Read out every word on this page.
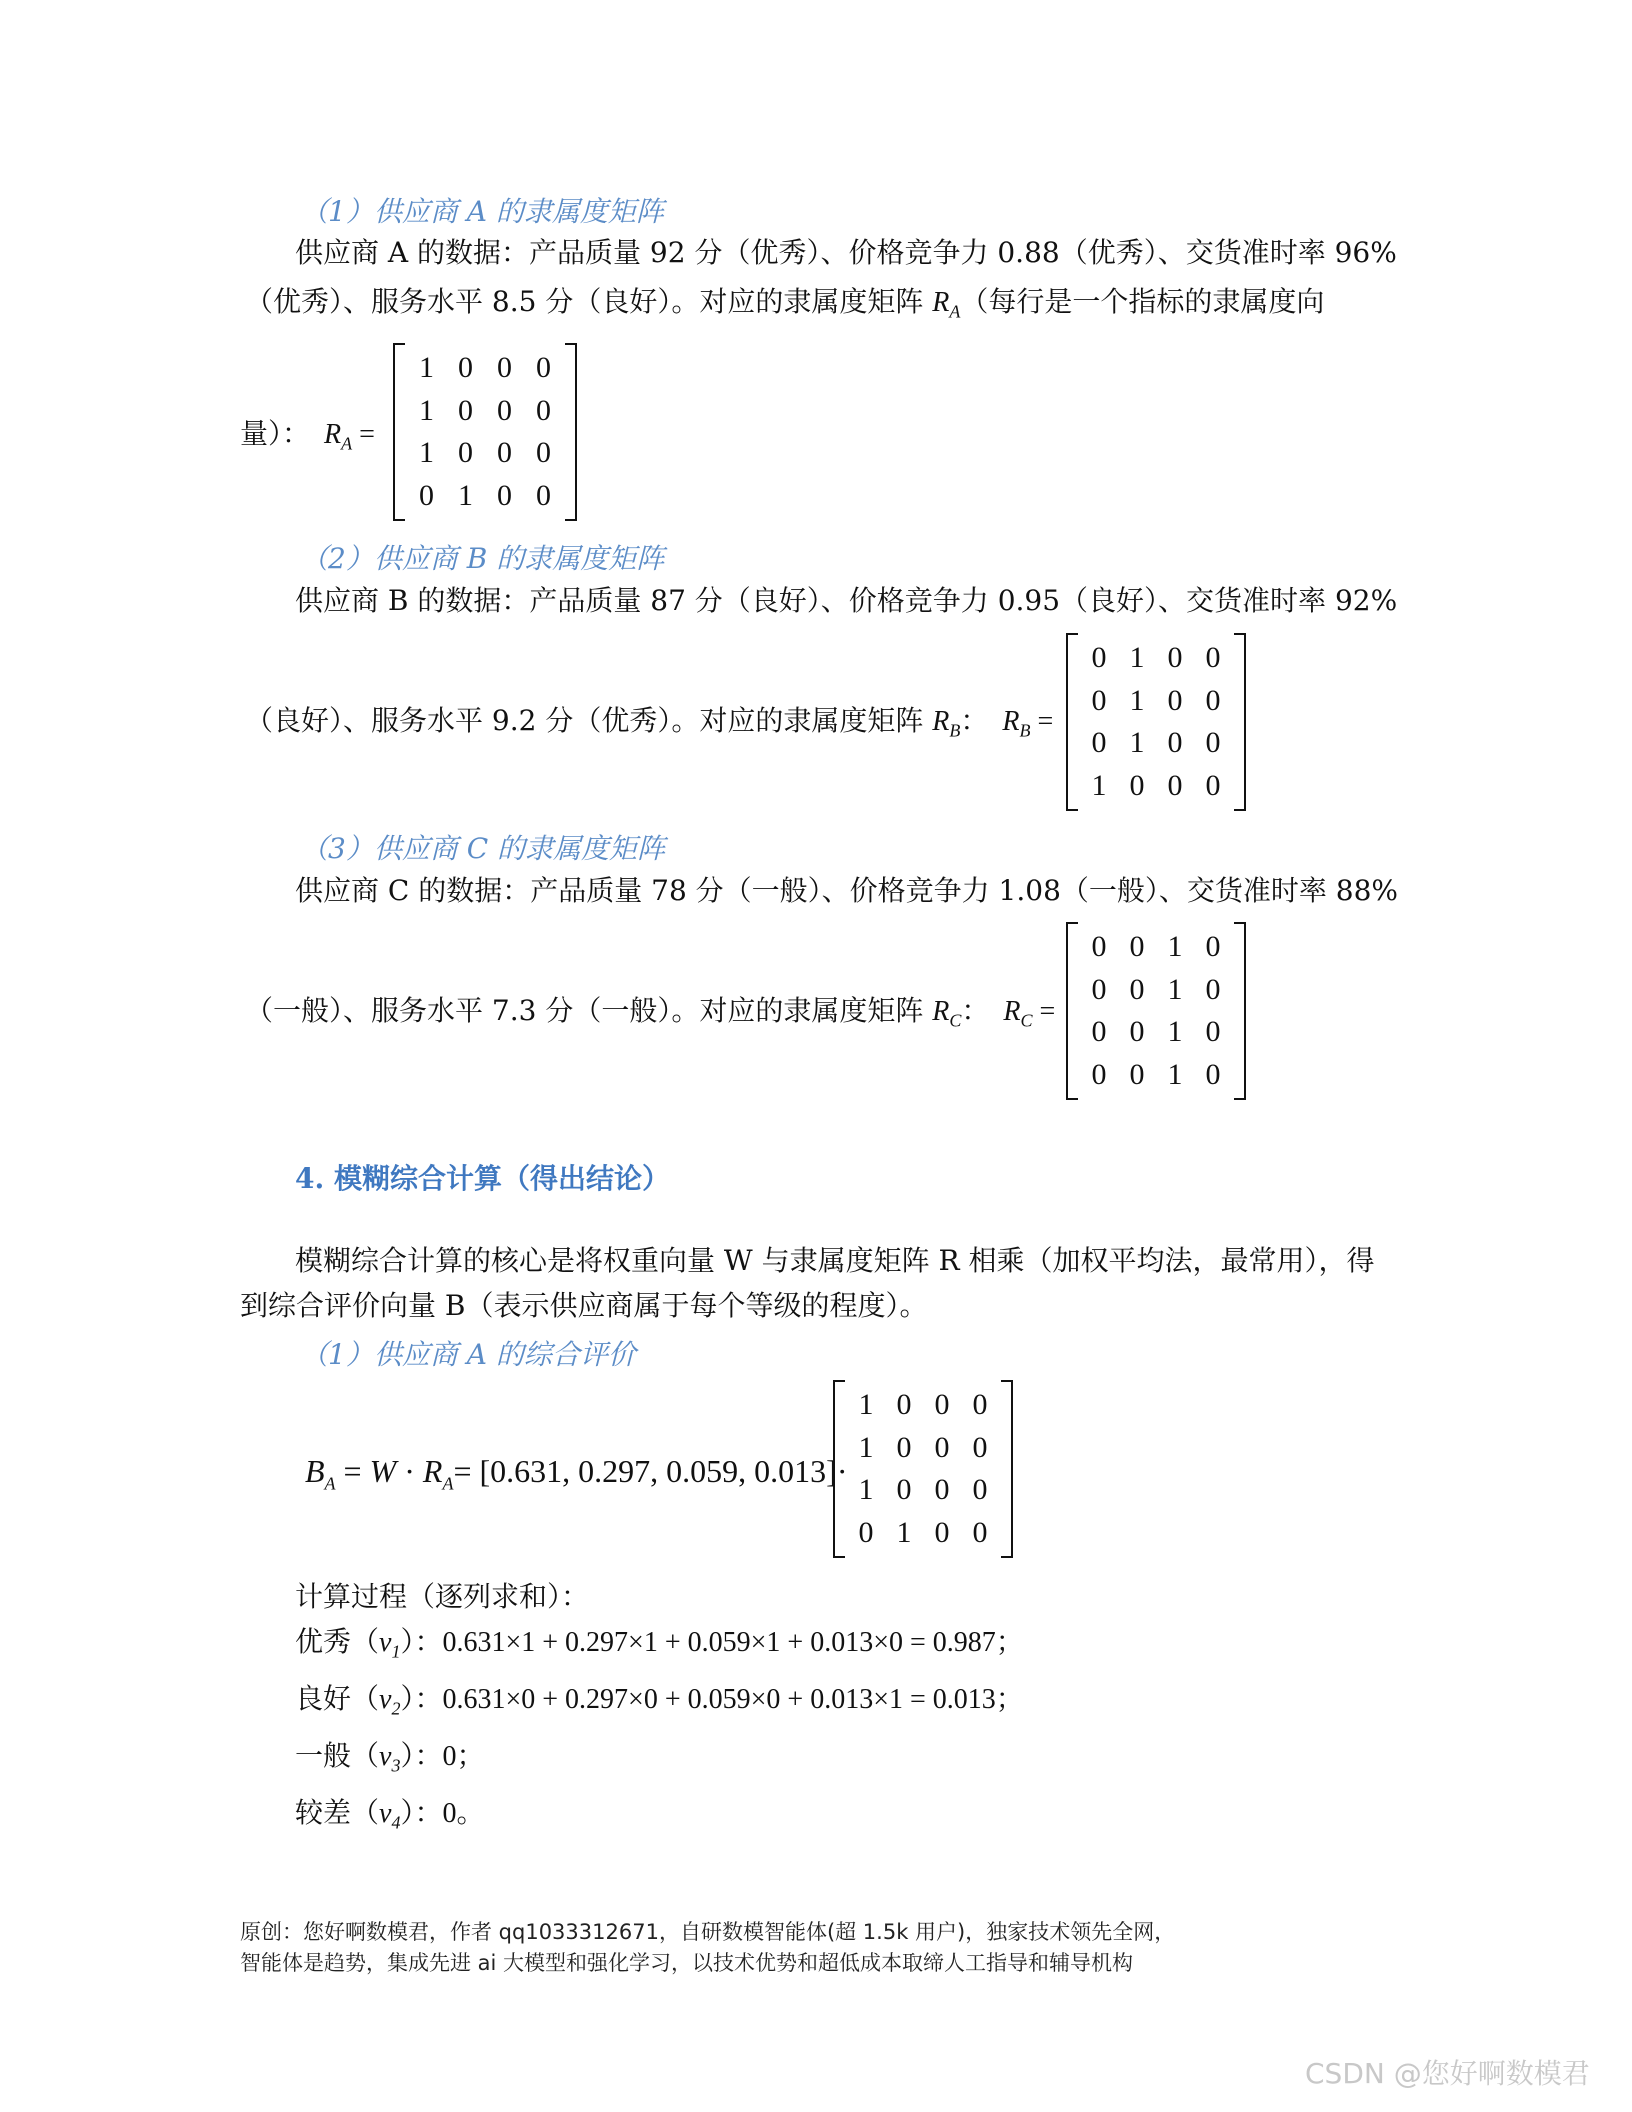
（1）供应商 A 的隶属度矩阵
供应商 A 的数据：产品质量 92 分（优秀）、价格竞争力 0.88（优秀）、交货准时率 96%
（优秀）、服务水平 8.5 分（良好）。对应的隶属度矩阵 $R_A$（每行是一个指标的隶属度向
量）： $R_A$ =
1 0 0 0
1 0 0 0
1 0 0 0
0 1 0 0
（2）供应商 B 的隶属度矩阵
供应商 B 的数据：产品质量 87 分（良好）、价格竞争力 0.95（良好）、交货准时率 92%
（良好）、服务水平 9.2 分（优秀）。对应的隶属度矩阵 $R_B$： $R_B$ =
0 1 0 0
0 1 0 0
0 1 0 0
1 0 0 0
（3）供应商 C 的隶属度矩阵
供应商 C 的数据：产品质量 78 分（一般）、价格竞争力 1.08（一般）、交货准时率 88%
（一般）、服务水平 7.3 分（一般）。对应的隶属度矩阵 $R_C$： $R_C$ =
0 0 1 0
0 0 1 0
0 0 1 0
0 0 1 0
4. 模糊综合计算（得出结论）
模糊综合计算的核心是将权重向量 W 与隶属度矩阵 R 相乘（加权平均法，最常用），得
到综合评价向量 B（表示供应商属于每个等级的程度）。
（1）供应商 A 的综合评价
$B_A = W \cdot R_A= [0.631$, 0.297, 0.059, 0.013]·
1 0 0 0
1 0 0 0
1 0 0 0
0 1 0 0
计算过程（逐列求和）：
优秀$(v_1)$：0.631×1 + 0.297×1 + 0.059×1 + 0.013×0 = 0.987；
良好$(v_2)$：0.631×0 + 0.297×0 + 0.059×0 + 0.013×1 = 0.013；
一般$(v_3)$：0；
较差$(v_4)$：0。
原创：您好啊数模君，作者 qq1033312671，自研数模智能体(超 1.5k 用户)，独家技术领先全网，
智能体是趋势，集成先进 ai 大模型和强化学习，以技术优势和超低成本取缔人工指导和辅导机构
CSDN @您好啊数模君
